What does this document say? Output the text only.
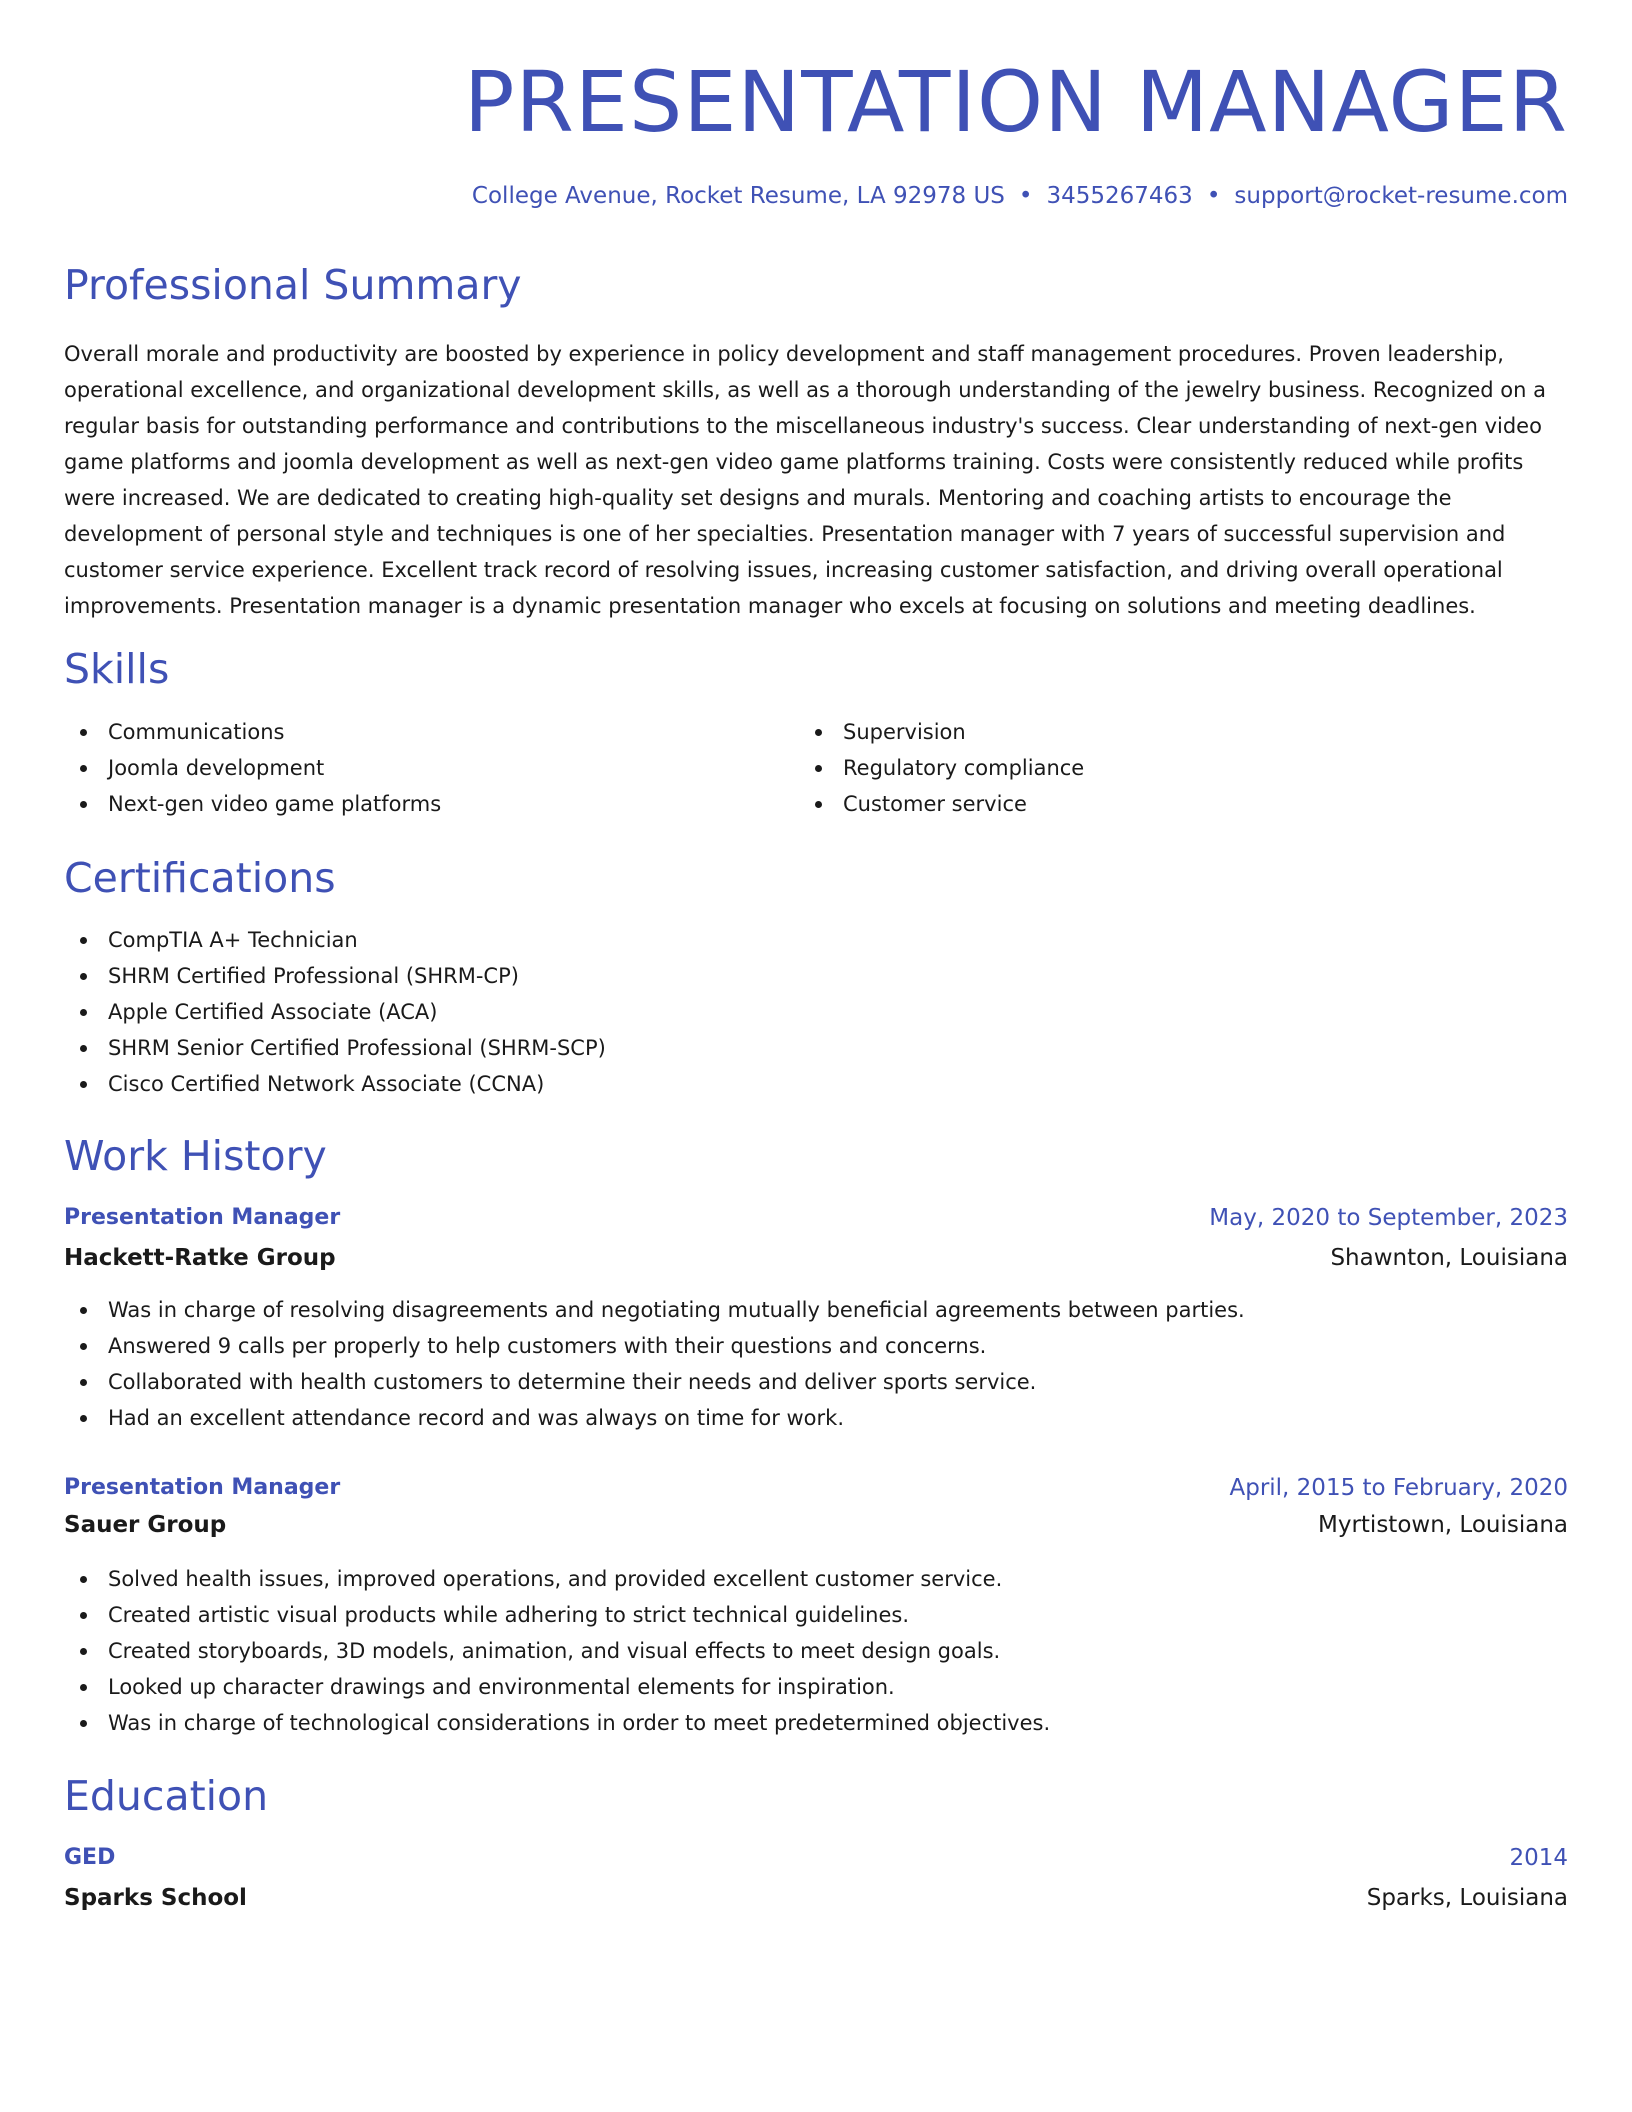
PRESENTATION MANAGER
College Avenue, Rocket Resume, LA 92978 US • 3455267463 • support@rocket-resume.com
Professional Summary

Overall morale and productivity are boosted by experience in policy development and staff management procedures. Proven leadership, operational excellence, and organizational development skills, as well as a thorough understanding of the jewelry business. Recognized on a regular basis for outstanding performance and contributions to the miscellaneous industry's success. Clear understanding of next-gen video game platforms and joomla development as well as next-gen video game platforms training. Costs were consistently reduced while profits were increased. We are dedicated to creating high-quality set designs and murals. Mentoring and coaching artists to encourage the development of personal style and techniques is one of her specialties. Presentation manager with 7 years of successful supervision and customer service experience. Excellent track record of resolving issues, increasing customer satisfaction, and driving overall operational improvements. Presentation manager is a dynamic presentation manager who excels at focusing on solutions and meeting deadlines.

Skills
Communications
Joomla development
Next-gen video game platforms
Supervision
Regulatory compliance
Customer service
Certifications
CompTIA A+ Technician
SHRM Certified Professional (SHRM-CP)
Apple Certified Associate (ACA)
SHRM Senior Certified Professional (SHRM-SCP)
Cisco Certified Network Associate (CCNA)
Work History
Presentation Manager	May, 2020 to September, 2023
Hackett-Ratke Group	Shawnton, Louisiana
Was in charge of resolving disagreements and negotiating mutually beneficial agreements between parties.
Answered 9 calls per properly to help customers with their questions and concerns.
Collaborated with health customers to determine their needs and deliver sports service.
Had an excellent attendance record and was always on time for work.
Presentation Manager	April, 2015 to February, 2020
Sauer Group	Myrtistown, Louisiana
Solved health issues, improved operations, and provided excellent customer service.
Created artistic visual products while adhering to strict technical guidelines.
Created storyboards, 3D models, animation, and visual effects to meet design goals.
Looked up character drawings and environmental elements for inspiration.
Was in charge of technological considerations in order to meet predetermined objectives.
Education
GED	2014
Sparks School	Sparks, Louisiana
